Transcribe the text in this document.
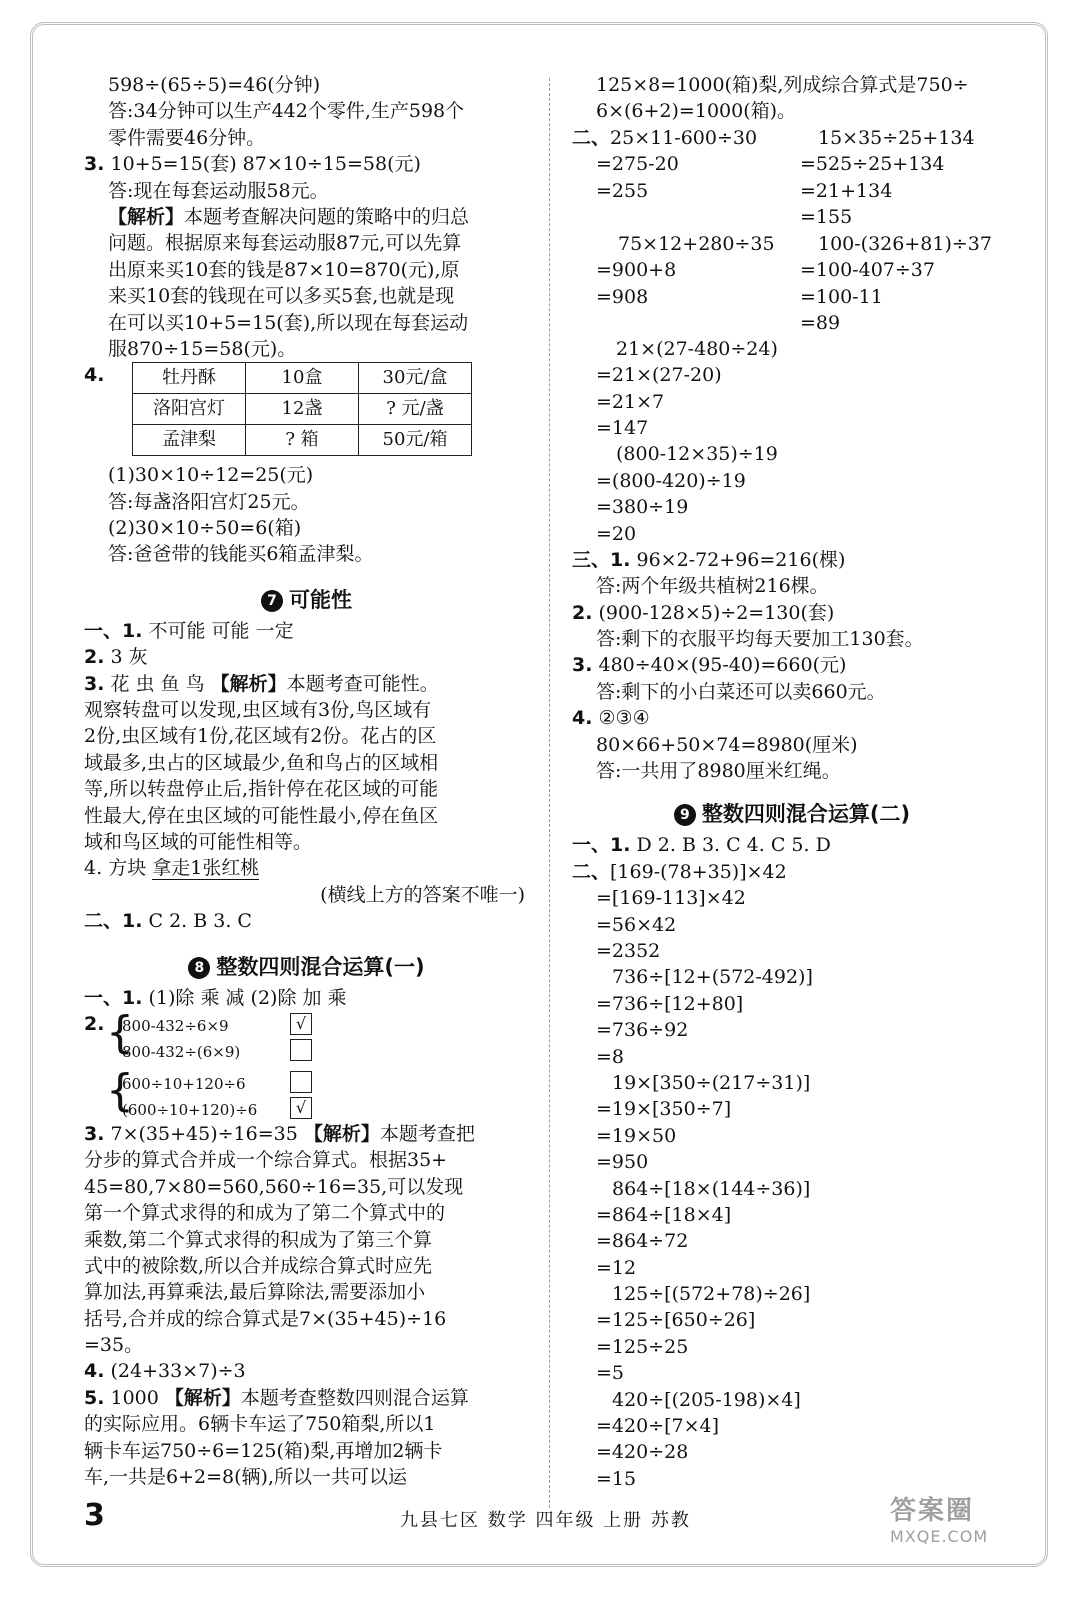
598÷(65÷5)=46(分钟)
答:34分钟可以生产442个零件,生产598个
零件需要46分钟。
3. 10+5=15(套) 87×10÷15=58(元)
答:现在每套运动服58元。
【解析】本题考查解决问题的策略中的归总
问题。根据原来每套运动服87元,可以先算
出原来买10套的钱是87×10=870(元),原
来买10套的钱现在可以多买5套,也就是现
在可以买10+5=15(套),所以现在每套运动
服870÷15=58(元)。
4.	牡丹酥	10盒	30元/盒
洛阳宫灯	12盏	? 元/盏
孟津梨	? 箱	50元/箱
(1)30×10÷12=25(元)
答:每盏洛阳宫灯25元。
(2)30×10÷50=6(箱)
答:爸爸带的钱能买6箱孟津梨。
7 可能性
一、1. 不可能 可能 一定
2. 3 灰
3. 花 虫 鱼 鸟 【解析】本题考查可能性。
观察转盘可以发现,虫区域有3份,鸟区域有
2份,虫区域有1份,花区域有2份。花占的区
域最多,虫占的区域最少,鱼和鸟占的区域相
等,所以转盘停止后,指针停在花区域的可能
性最大,停在虫区域的可能性最小,停在鱼区
域和鸟区域的可能性相等。
4. 方块 拿走1张红桃
(横线上方的答案不唯一)
二、1. C 2. B 3. C
8 整数四则混合运算(一)
一、1. (1)除 乘 减 (2)除 加 乘
2. {
800-432÷6×9
800-432÷(6×9)
√
{
600÷10+120÷6
(600÷10+120)÷6	√
3. 7×(35+45)÷16=35 【解析】本题考查把
分步的算式合并成一个综合算式。根据35+
45=80,7×80=560,560÷16=35,可以发现
第一个算式求得的和成为了第二个算式中的
乘数,第二个算式求得的积成为了第三个算
式中的被除数,所以合并成综合算式时应先
算加法,再算乘法,最后算除法,需要添加小
括号,合并成的综合算式是7×(35+45)÷16
=35。
4. (24+33×7)÷3
5. 1000 【解析】本题考查整数四则混合运算
的实际应用。6辆卡车运了750箱梨,所以1
辆卡车运750÷6=125(箱)梨,再增加2辆卡
车,一共是6+2=8(辆),所以一共可以运
125×8=1000(箱)梨,列成综合算式是750÷
6×(6+2)=1000(箱)。
二、25×11-600÷30
=275-20
=255
15×35÷25+134
=525÷25+134
=21+134
=155
75×12+280÷35
=900+8
=908
100-(326+81)÷37
=100-407÷37
=100-11
=89
21×(27-480÷24)
=21×(27-20)
=21×7
=147
(800-12×35)÷19
=(800-420)÷19
=380÷19
=20
三、1. 96×2-72+96=216(棵)
答:两个年级共植树216棵。
2. (900-128×5)÷2=130(套)
答:剩下的衣服平均每天要加工130套。
3. 480÷40×(95-40)=660(元)
答:剩下的小白菜还可以卖660元。
4. ②③④
80×66+50×74=8980(厘米)
答:一共用了8980厘米红绳。
9 整数四则混合运算(二)
一、1. D 2. B 3. C 4. C 5. D
二、[169-(78+35)]×42
=[169-113]×42
=56×42
=2352
736÷[12+(572-492)]
=736÷[12+80]
=736÷92
=8
19×[350÷(217÷31)]
=19×[350÷7]
=19×50
=950
864÷[18×(144÷36)]
=864÷[18×4]
=864÷72
=12
125÷[(572+78)÷26]
=125÷[650÷26]
=125÷25
=5
420÷[(205-198)×4]
=420÷[7×4]
=420÷28
=15
3	九县七区 数学 四年级 上册 苏教	答案圈
MXQE.COM
